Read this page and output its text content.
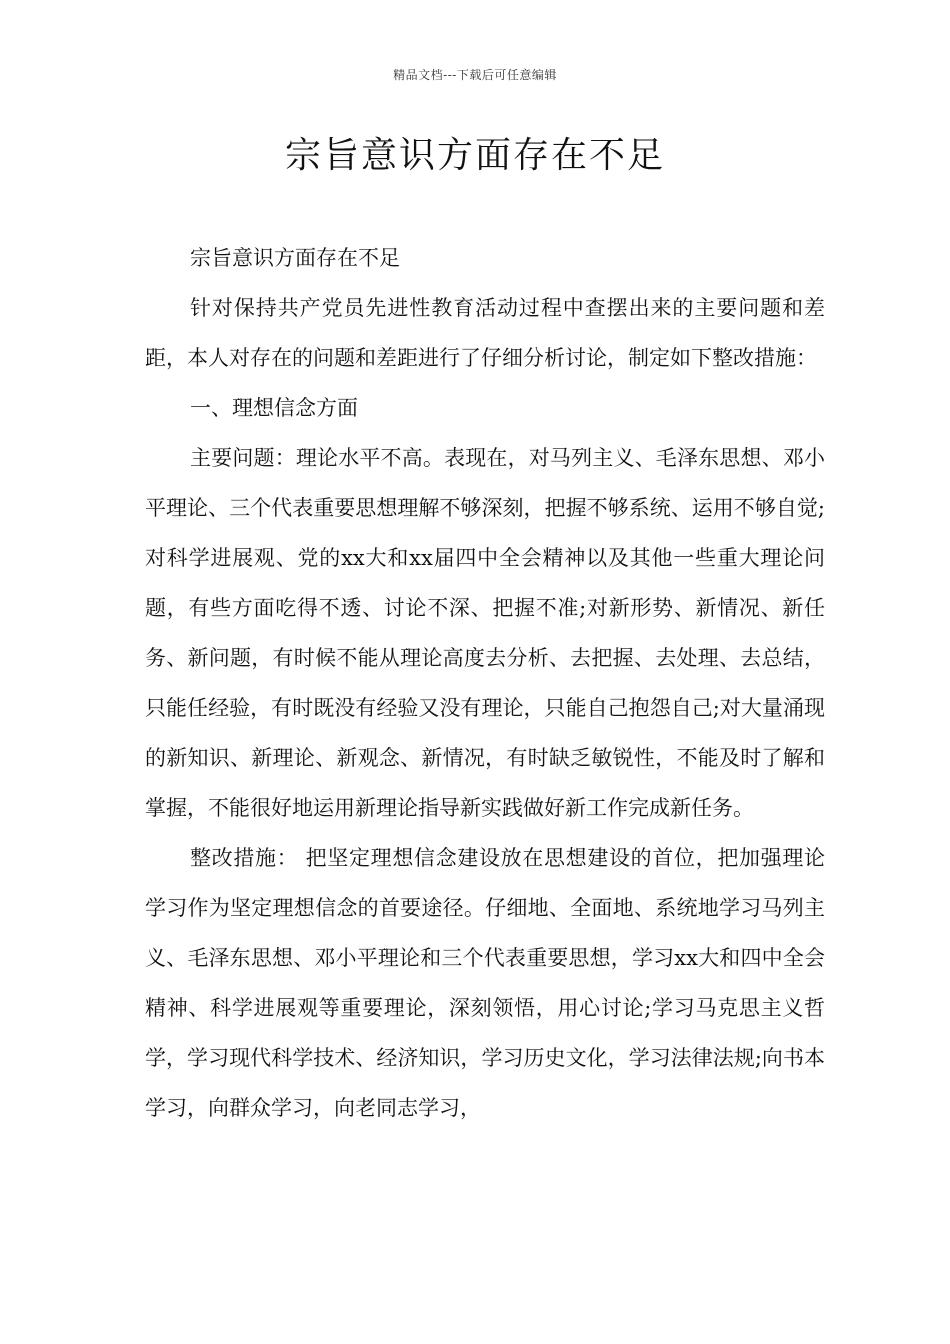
精品文档---下载后可任意编辑
宗旨意识方面存在不足

宗旨意识方面存在不足

针对保持共产党员先进性教育活动过程中查摆出来的主要问题和差距，本人对存在的问题和差距进行了仔细分析讨论，制定如下整改措施：

一、理想信念方面

主要问题：理论水平不高。表现在，对马列主义、毛泽东思想、邓小平理论、三个代表重要思想理解不够深刻，把握不够系统、运用不够自觉;对科学进展观、党的xx大和xx届四中全会精神以及其他一些重大理论问题，有些方面吃得不透、讨论不深、把握不准;对新形势、新情况、新任务、新问题，有时候不能从理论高度去分析、去把握、去处理、去总结，只能任经验，有时既没有经验又没有理论，只能自己抱怨自己;对大量涌现的新知识、新理论、新观念、新情况，有时缺乏敏锐性，不能及时了解和掌握，不能很好地运用新理论指导新实践做好新工作完成新任务。

整改措施： 把坚定理想信念建设放在思想建设的首位，把加强理论学习作为坚定理想信念的首要途径。仔细地、全面地、系统地学习马列主义、毛泽东思想、邓小平理论和三个代表重要思想，学习xx大和四中全会精神、科学进展观等重要理论，深刻领悟，用心讨论;学习马克思主义哲学，学习现代科学技术、经济知识，学习历史文化，学习法律法规;向书本学习，向群众学习，向老同志学习，
